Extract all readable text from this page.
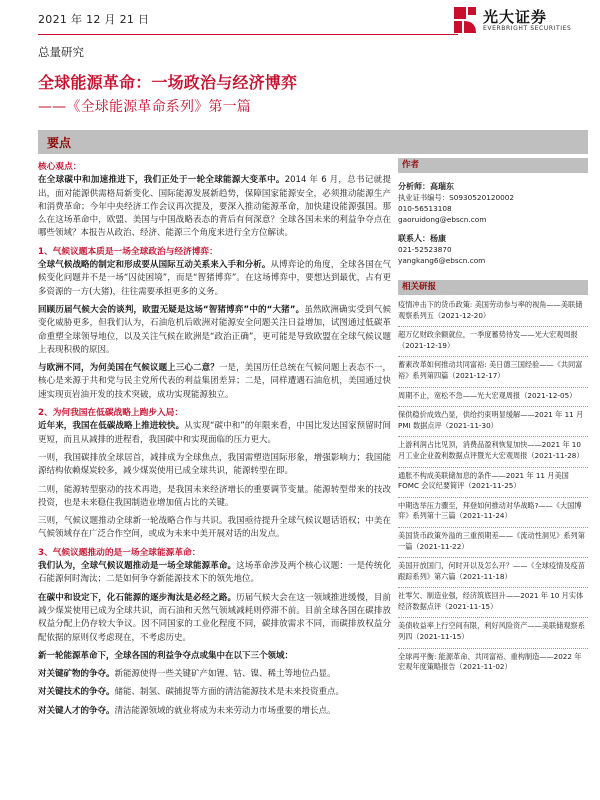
2021 年 12 月 21 日	光大证券
EVERBRIGHT SECURITIES
总量研究
全球能源革命：一场政治与经济博弈
——《全球能源革命系列》第一篇
要点
核心观点：
在全球碳中和加速推进下，我们正处于一轮全球能源大变革中。2014 年 6 月，总书记就提出，面对能源供需格局新变化、国际能源发展新趋势，保障国家能源安全，必须推动能源生产和消费革命；今年中央经济工作会议再次提及，要深入推动能源革命，加快建设能源强国。那么在这场革命中，欧盟、美国与中国战略表态的背后有何深意？全球各国未来的利益争夺点在哪些领域？本报告从政治、经济、能源三个角度来进行全方位解读。
1、气候议题本质是一场全球政治与经济博弈：
全球气候战略的制定和形成要从国际互动关系来入手和分析。从博弈论的角度，全球各国在气候变化问题并不是一场“囚徒困境”，而是“智猪博弈”。在这场博弈中，要想达到最优，占有更多资源的一方(大猪)，往往需要承担更多的义务。
回顾历届气候大会的谈判，欧盟无疑是这场“智猪博弈”中的“大猪”。虽然欧洲确实受到气候变化威胁更多，但我们认为，石油危机后欧洲对能源安全问题关注日益增加，试图通过低碳革命重塑全球领导地位，以及关注气候在欧洲是“政治正确”，更可能是导致欧盟在全球气候议题上表现积极的原因。
与欧洲不同，为何美国在气候议题上三心二意？一是，美国历任总统在气候问题上表态不一，核心是来源于共和党与民主党所代表的利益集团差异；二是，同样遭遇石油危机，美国通过快速实现页岩油开发的技术突破，成功实现能源独立。
2、为何我国在低碳战略上跑步入局：
近年来，我国在低碳战略上推进较快。从实现“碳中和”的年限来看，中国比发达国家预留时间更短，而且从减排的进程看，我国碳中和实现面临的压力更大。
一则，我国碳排放全球居首，减排成为全球焦点，我国需塑造国际形象，增强影响力；我国能源结构依赖煤炭较多，减少煤炭使用已成全球共识，能源转型在即。
二则，能源转型驱动的技术再造，是我国未来经济增长的重要调节变量。能源转型带来的技改投资，也是未来稳住我国制造业增加值占比的关键。
三则，气候议题推动全球新一轮战略合作与共识。我国亟待提升全球气候议题话语权；中美在气候领域存在广泛合作空间，或成为未来中美开展对话的出发点。
3、气候议题推动的是一场全球能源革命：
我们认为，全球气候议题推动是一场全球能源革命。这场革命涉及两个核心议题：一是传统化石能源何时淘汰；二是如何争夺新能源技术下的领先地位。
在碳中和设定下，化石能源的逐步淘汰是必经之路。历届气候大会在这一领域推进缓慢，目前减少煤炭使用已成为全球共识，而石油和天然气领域减耗则停滞不前。目前全球各国在碳排放权益分配上仍存较大争议。因不同国家的工业化程度不同，碳排放需求不同，而碳排放权益分配依据的原则仅考虑现在，不考虑历史。
新一轮能源革命下，全球各国的利益争夺点或集中在以下三个领域：
对关键矿物的争夺。新能源使得一些关键矿产如锂、钴、镍、稀土等地位凸显。
对关键技术的争夺。储能、制氢、碳捕捉等方面的清洁能源技术是未来投资重点。
对关键人才的争夺。清洁能源领域的就业将成为未来劳动力市场重要的增长点。
作者
分析师：高瑞东
执业证书编号：S0930520120002
010-56513108
gaoruidong@ebscn.com
联系人：杨康
021-52523870
yangkang6@ebscn.com
相关研报
疫情冲击下的货币政策: 美国劳动参与率的视角——美联储观察系列五（2021-12-20）
超万亿财政余额就位，一季度蓄势待发——光大宏观周报（2021-12-19）
蓄素改革如何推动共同富裕: 美日德三国经验——《共同富裕》系列第四篇（2021-12-17）
周期不止，宽松不急——光大宏观周报（2021-12-05）
保供稳价成效凸显，供给约束明显缓解——2021 年 11 月 PMI 数据点评（2021-11-30）
上游利润占比见顶，消费品盈利恢复加快——2021 年 10 月工业企业盈利数据点评暨光大宏观周报（2021-11-28）
通胀不构成美联储加息的条件——2021 年 11 月美国 FOMC 会议纪要简评（2021-11-25）
中期选举压力骤至，拜登如何推动对华战略?——《大国博弈》系列第十三篇（2021-11-24）
美国货币政策外溢的三重预期差——《流动性洞见》系列第一篇（2021-11-22）
美国开放国门，何时开以及怎么开？——《全球疫情及疫苗跟踪系列》第六篇（2021-11-18）
社零欠、制造业强，经济筑底回升——2021 年 10 月实体经济数据点评（2021-11-15）
美债收益率上行空间有限，利好风险资产——美联储观察系列四（2021-11-15）
全球再平衡: 能源革命、共同富裕、重构制造——2022 年宏观年度策略报告（2021-11-02）
